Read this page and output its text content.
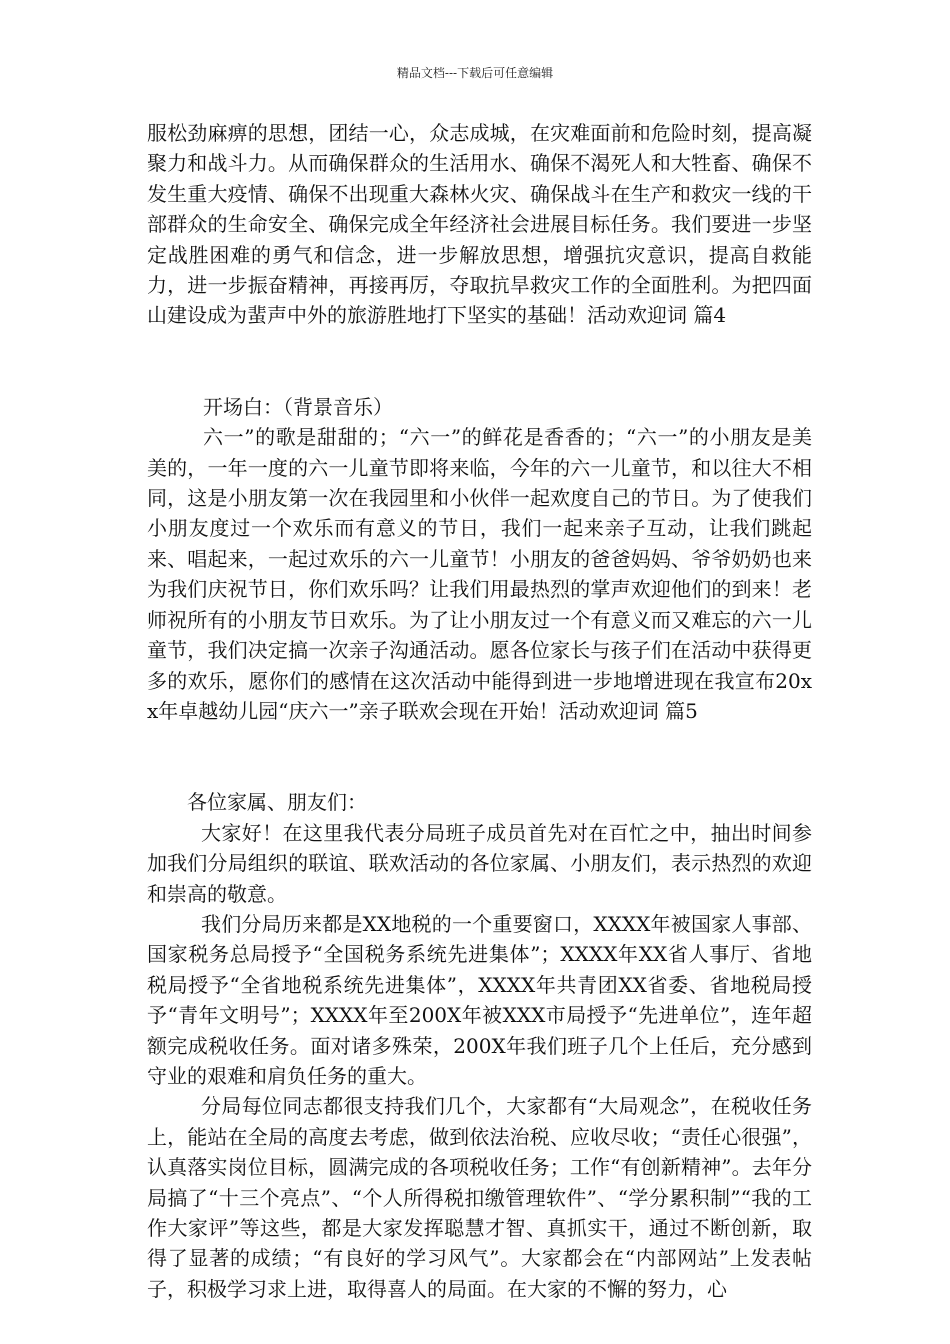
精品文档---下载后可任意编辑

服松劲麻痹的思想，团结一心，众志成城，在灾难面前和危险时刻，提高凝聚力和战斗力。从而确保群众的生活用水、确保不渴死人和大牲畜、确保不发生重大疫情、确保不出现重大森林火灾、确保战斗在生产和救灾一线的干部群众的生命安全、确保完成全年经济社会进展目标任务。我们要进一步坚定战胜困难的勇气和信念，进一步解放思想，增强抗灾意识，提高自救能力，进一步振奋精神，再接再厉，夺取抗旱救灾工作的全面胜利。为把四面山建设成为蜚声中外的旅游胜地打下坚实的基础！活动欢迎词 篇4

开场白：（背景音乐）

六一”的歌是甜甜的；“六一”的鲜花是香香的；“六一”的小朋友是美美的，一年一度的六一儿童节即将来临，今年的六一儿童节，和以往大不相同，这是小朋友第一次在我园里和小伙伴一起欢度自己的节日。为了使我们小朋友度过一个欢乐而有意义的节日，我们一起来亲子互动，让我们跳起来、唱起来，一起过欢乐的六一儿童节！小朋友的爸爸妈妈、爷爷奶奶也来为我们庆祝节日，你们欢乐吗？让我们用最热烈的掌声欢迎他们的到来！老师祝所有的小朋友节日欢乐。为了让小朋友过一个有意义而又难忘的六一儿童节，我们决定搞一次亲子沟通活动。愿各位家长与孩子们在活动中获得更多的欢乐，愿你们的感情在这次活动中能得到进一步地增进现在我宣布20xx年卓越幼儿园“庆六一”亲子联欢会现在开始！活动欢迎词 篇5

各位家属、朋友们：

大家好！在这里我代表分局班子成员首先对在百忙之中，抽出时间参加我们分局组织的联谊、联欢活动的各位家属、小朋友们，表示热烈的欢迎和崇高的敬意。

我们分局历来都是XX地税的一个重要窗口，XXXX年被国家人事部、国家税务总局授予“全国税务系统先进集体”；XXXX年XX省人事厅、省地税局授予“全省地税系统先进集体”，XXXX年共青团XX省委、省地税局授予“青年文明号”；XXXX年至200X年被XXX市局授予“先进单位”，连年超额完成税收任务。面对诸多殊荣，200X年我们班子几个上任后，充分感到守业的艰难和肩负任务的重大。

分局每位同志都很支持我们几个，大家都有“大局观念”，在税收任务上，能站在全局的高度去考虑，做到依法治税、应收尽收；“责任心很强”，认真落实岗位目标，圆满完成的各项税收任务；工作“有创新精神”。去年分局搞了“十三个亮点”、“个人所得税扣缴管理软件”、“学分累积制”“我的工作大家评”等这些，都是大家发挥聪慧才智、真抓实干，通过不断创新，取得了显著的成绩；“有良好的学习风气”。大家都会在“内部网站”上发表帖子，积极学习求上进，取得喜人的局面。在大家的不懈的努力，心
